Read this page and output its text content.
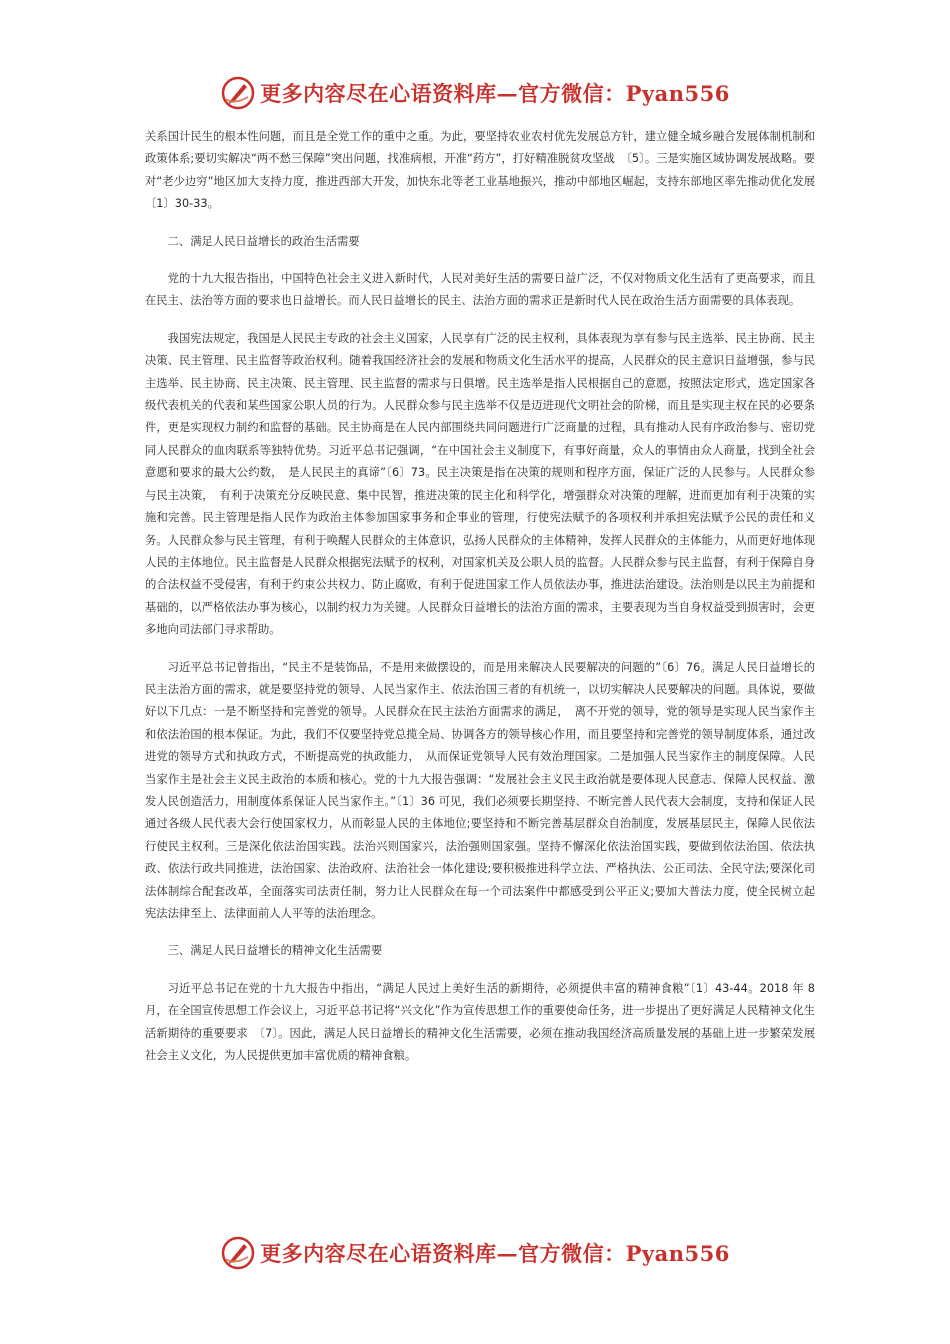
更多内容尽在心语资料库—官方微信：Pyan556

关系国计民生的根本性问题，而且是全党工作的重中之重。为此，要坚持农业农村优先发展总方针，建立健全城乡融合发展体制机制和政策体系;要切实解决“两不愁三保障”突出问题，找准病根，开准“药方”，打好精准脱贫攻坚战　〔5〕。三是实施区域协调发展战略。要对“老少边穷”地区加大支持力度，推进西部大开发，加快东北等老工业基地振兴，推动中部地区崛起，支持东部地区率先推动优化发展　〔1〕30-33。

二、满足人民日益增长的政治生活需要

党的十九大报告指出，中国特色社会主义进入新时代，人民对美好生活的需要日益广泛，不仅对物质文化生活有了更高要求，而且在民主、法治等方面的要求也日益增长。而人民日益增长的民主、法治方面的需求正是新时代人民在政治生活方面需要的具体表现。

我国宪法规定，我国是人民民主专政的社会主义国家，人民享有广泛的民主权利，具体表现为享有参与民主选举、民主协商、民主决策、民主管理、民主监督等政治权利。随着我国经济社会的发展和物质文化生活水平的提高，人民群众的民主意识日益增强，参与民主选举、民主协商、民主决策、民主管理、民主监督的需求与日俱增。民主选举是指人民根据自己的意愿，按照法定形式，选定国家各级代表机关的代表和某些国家公职人员的行为。人民群众参与民主选举不仅是迈进现代文明社会的阶梯，而且是实现主权在民的必要条件，更是实现权力制约和监督的基础。民主协商是在人民内部围绕共同问题进行广泛商量的过程，具有推动人民有序政治参与、密切党同人民群众的血肉联系等独特优势。习近平总书记强调，“在中国社会主义制度下，有事好商量，众人的事情由众人商量，找到全社会意愿和要求的最大公约数，　是人民民主的真谛”〔6〕73。民主决策是指在决策的规则和程序方面，保证广泛的人民参与。人民群众参与民主决策，　有利于决策充分反映民意、集中民智，推进决策的民主化和科学化，增强群众对决策的理解，进而更加有利于决策的实施和完善。民主管理是指人民作为政治主体参加国家事务和企事业的管理，行使宪法赋予的各项权利并承担宪法赋予公民的责任和义务。人民群众参与民主管理，有利于唤醒人民群众的主体意识，弘扬人民群众的主体精神，发挥人民群众的主体能力，从而更好地体现人民的主体地位。民主监督是人民群众根据宪法赋予的权利，对国家机关及公职人员的监督。人民群众参与民主监督，有利于保障自身的合法权益不受侵害，有利于约束公共权力、防止腐败，有利于促进国家工作人员依法办事，推进法治建设。法治则是以民主为前提和基础的，以严格依法办事为核心，以制约权力为关键。人民群众日益增长的法治方面的需求，主要表现为当自身权益受到损害时，会更多地向司法部门寻求帮助。

习近平总书记曾指出，“民主不是装饰品，不是用来做摆设的，而是用来解决人民要解决的问题的”〔6〕76。满足人民日益增长的民主法治方面的需求，就是要坚持党的领导、人民当家作主、依法治国三者的有机统一，以切实解决人民要解决的问题。具体说，要做好以下几点：一是不断坚持和完善党的领导。人民群众在民主法治方面需求的满足，　离不开党的领导，党的领导是实现人民当家作主和依法治国的根本保证。为此，我们不仅要坚持党总揽全局、协调各方的领导核心作用，而且要坚持和完善党的领导制度体系，通过改进党的领导方式和执政方式，不断提高党的执政能力，　从而保证党领导人民有效治理国家。二是加强人民当家作主的制度保障。人民当家作主是社会主义民主政治的本质和核心。党的十九大报告强调：“发展社会主义民主政治就是要体现人民意志、保障人民权益、激发人民创造活力，用制度体系保证人民当家作主。”〔1〕36 可见，我们必须要长期坚持、不断完善人民代表大会制度，支持和保证人民通过各级人民代表大会行使国家权力，从而彰显人民的主体地位;要坚持和不断完善基层群众自治制度，发展基层民主，保障人民依法行使民主权利。三是深化依法治国实践。法治兴则国家兴，法治强则国家强。坚持不懈深化依法治国实践，要做到依法治国、依法执政、依法行政共同推进，法治国家、法治政府、法治社会一体化建设;要积极推进科学立法、严格执法、公正司法、全民守法;要深化司法体制综合配套改革，全面落实司法责任制，努力让人民群众在每一个司法案件中都感受到公平正义;要加大普法力度，使全民树立起宪法法律至上、法律面前人人平等的法治理念。

三、满足人民日益增长的精神文化生活需要

习近平总书记在党的十九大报告中指出，“满足人民过上美好生活的新期待，必须提供丰富的精神食粮”〔1〕43-44。2018 年 8 月，在全国宣传思想工作会议上，习近平总书记将“兴文化”作为宣传思想工作的重要使命任务，进一步提出了更好满足人民精神文化生活新期待的重要要求　〔7〕。因此，满足人民日益增长的精神文化生活需要，必须在推动我国经济高质量发展的基础上进一步繁荣发展社会主义文化，为人民提供更加丰富优质的精神食粮。

更多内容尽在心语资料库—官方微信：Pyan556
